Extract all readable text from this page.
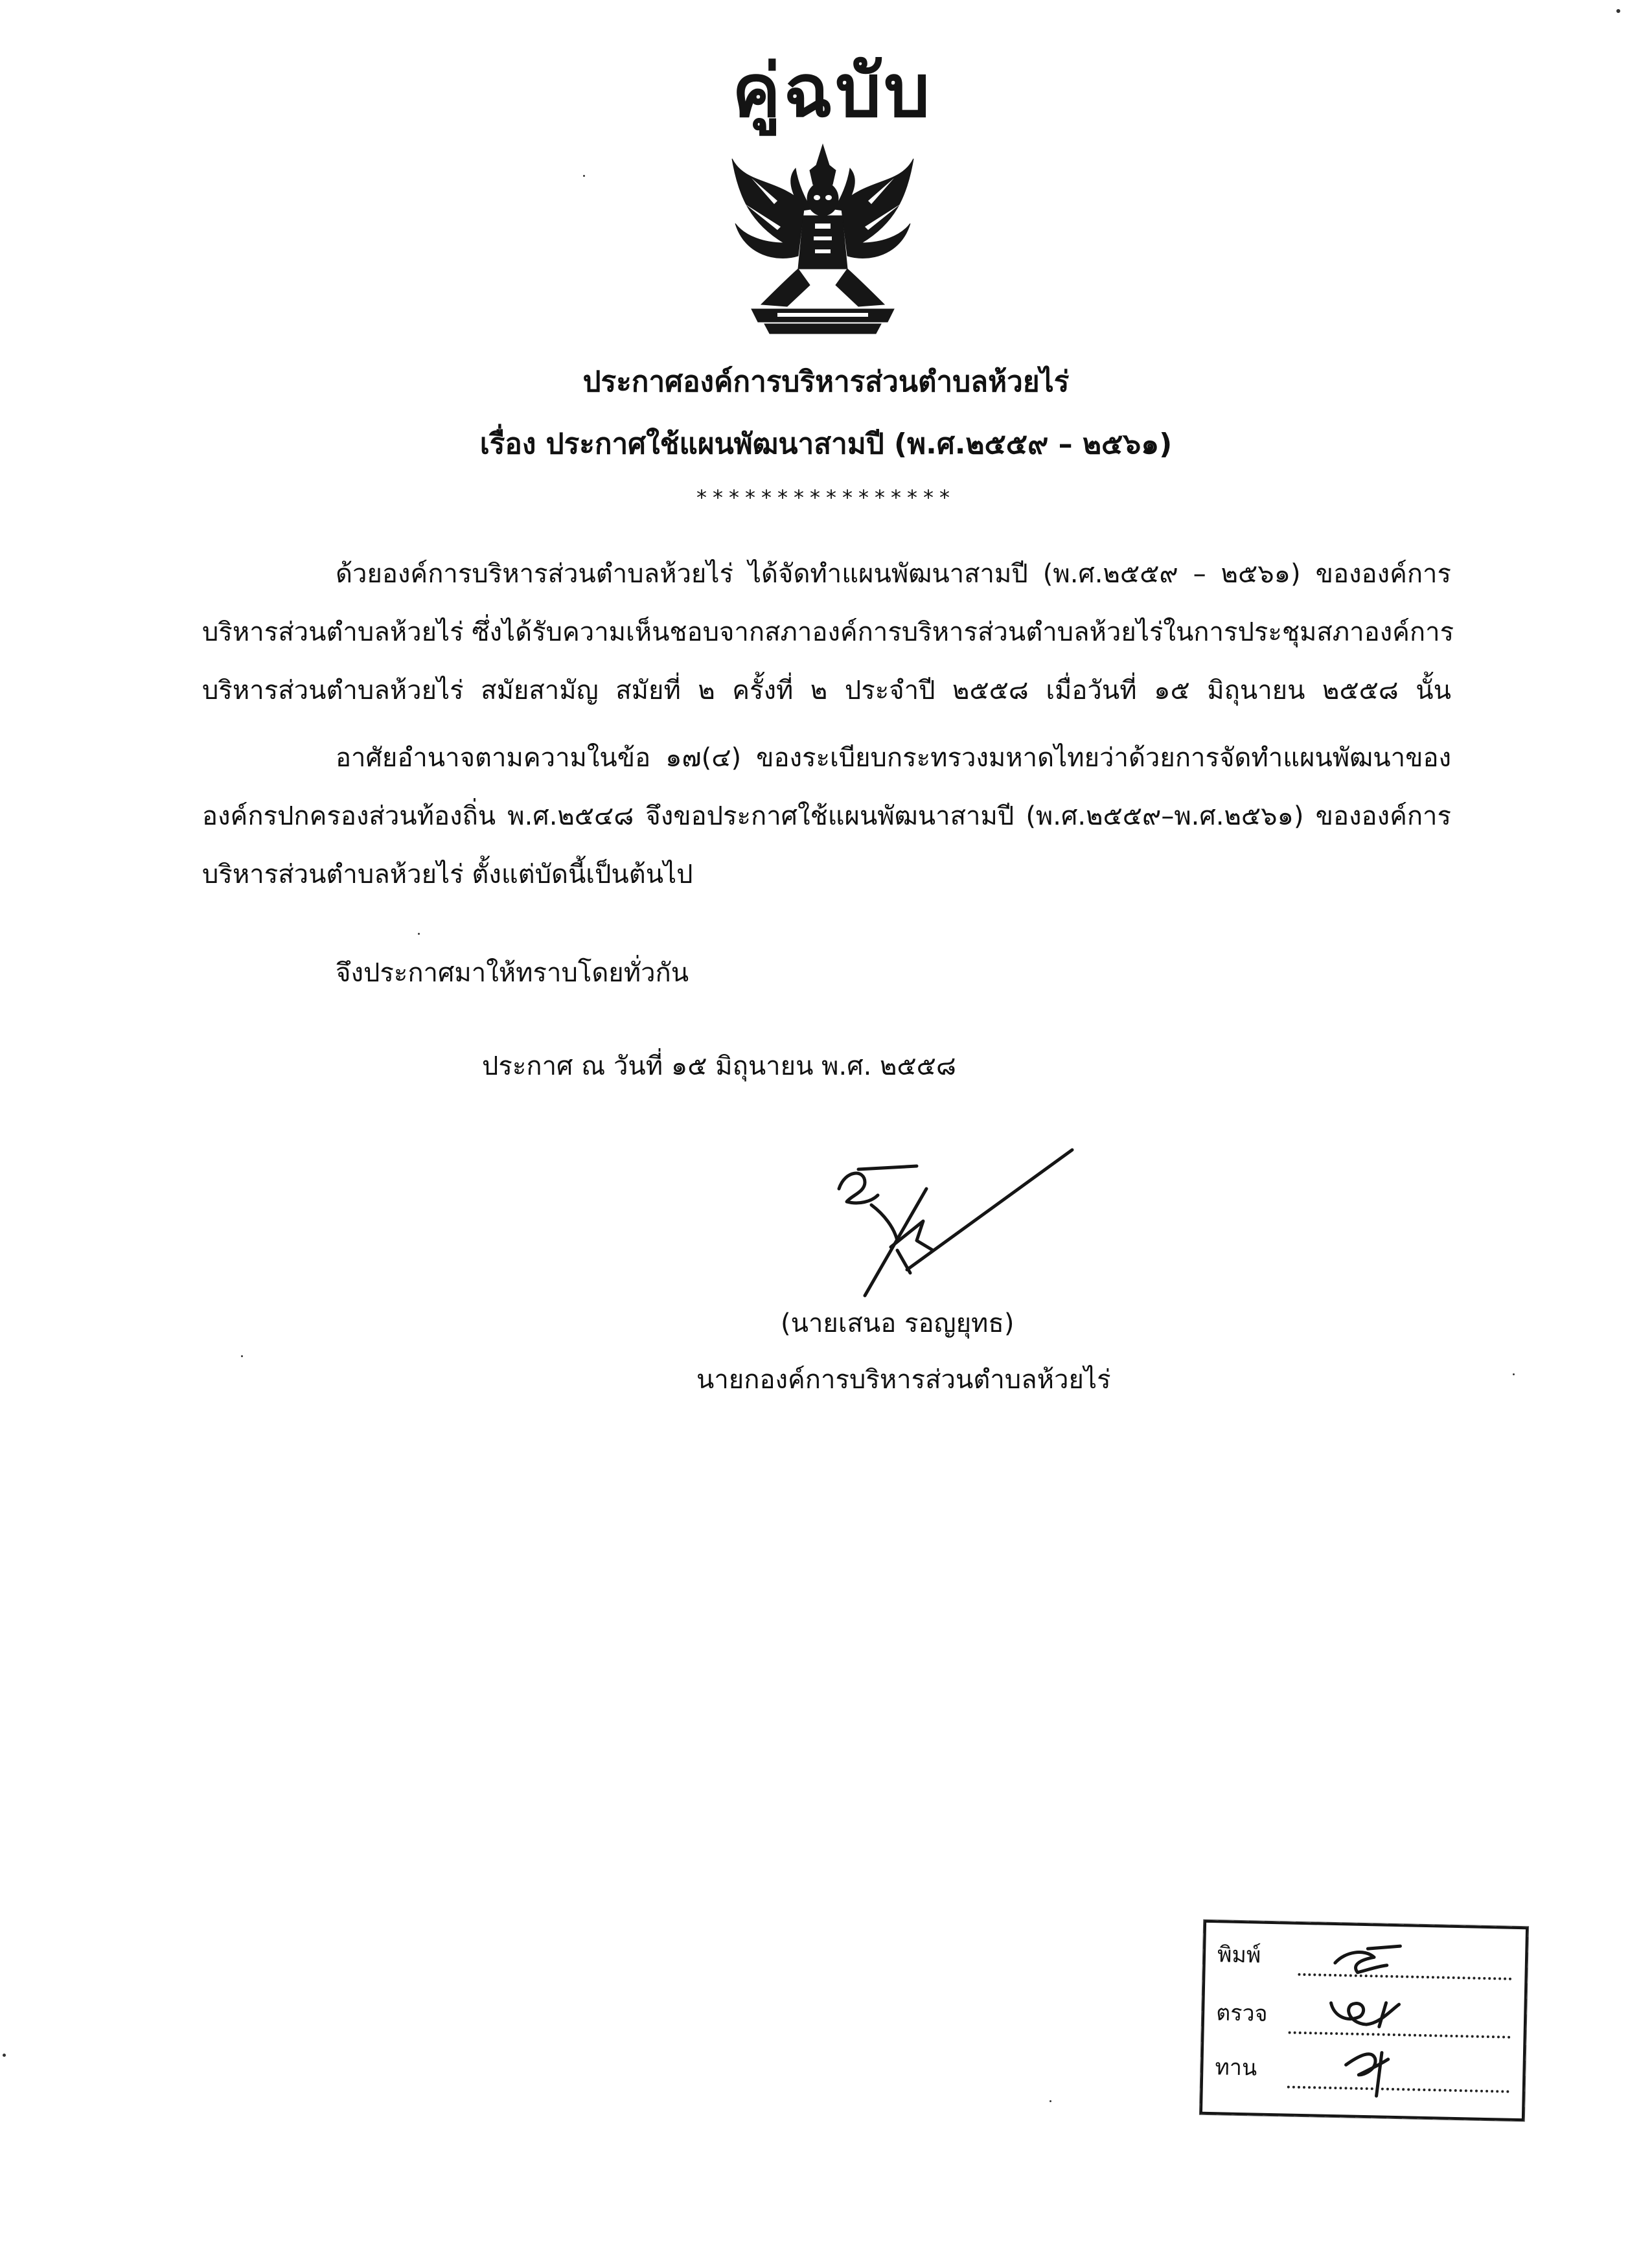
คู่ฉบับ
ประกาศองค์การบริหารส่วนตำบลห้วยไร่
เรื่อง ประกาศใช้แผนพัฒนาสามปี (พ.ศ.๒๕๕๙ – ๒๕๖๑)
****************
ด้วยองค์การบริหารส่วนตำบลห้วยไร่ ได้จัดทำแผนพัฒนาสามปี (พ.ศ.๒๕๕๙ – ๒๕๖๑) ขององค์การ
บริหารส่วนตำบลห้วยไร่ ซึ่งได้รับความเห็นชอบจากสภาองค์การบริหารส่วนตำบลห้วยไร่ในการประชุมสภาองค์การ
บริหารส่วนตำบลห้วยไร่ สมัยสามัญ สมัยที่ ๒ ครั้งที่ ๒ ประจำปี ๒๕๕๘ เมื่อวันที่ ๑๕ มิถุนายน ๒๕๕๘ นั้น
อาศัยอำนาจตามความในข้อ ๑๗(๔) ของระเบียบกระทรวงมหาดไทยว่าด้วยการจัดทำแผนพัฒนาของ
องค์กรปกครองส่วนท้องถิ่น พ.ศ.๒๕๔๘ จึงขอประกาศใช้แผนพัฒนาสามปี (พ.ศ.๒๕๕๙–พ.ศ.๒๕๖๑) ขององค์การ
บริหารส่วนตำบลห้วยไร่ ตั้งแต่บัดนี้เป็นต้นไป
จึงประกาศมาให้ทราบโดยทั่วกัน
ประกาศ ณ วันที่ ๑๕ มิถุนายน พ.ศ. ๒๕๕๘
(นายเสนอ รอญยุทธ)
นายกองค์การบริหารส่วนตำบลห้วยไร่
พิมพ์
ตรวจ
ทาน
